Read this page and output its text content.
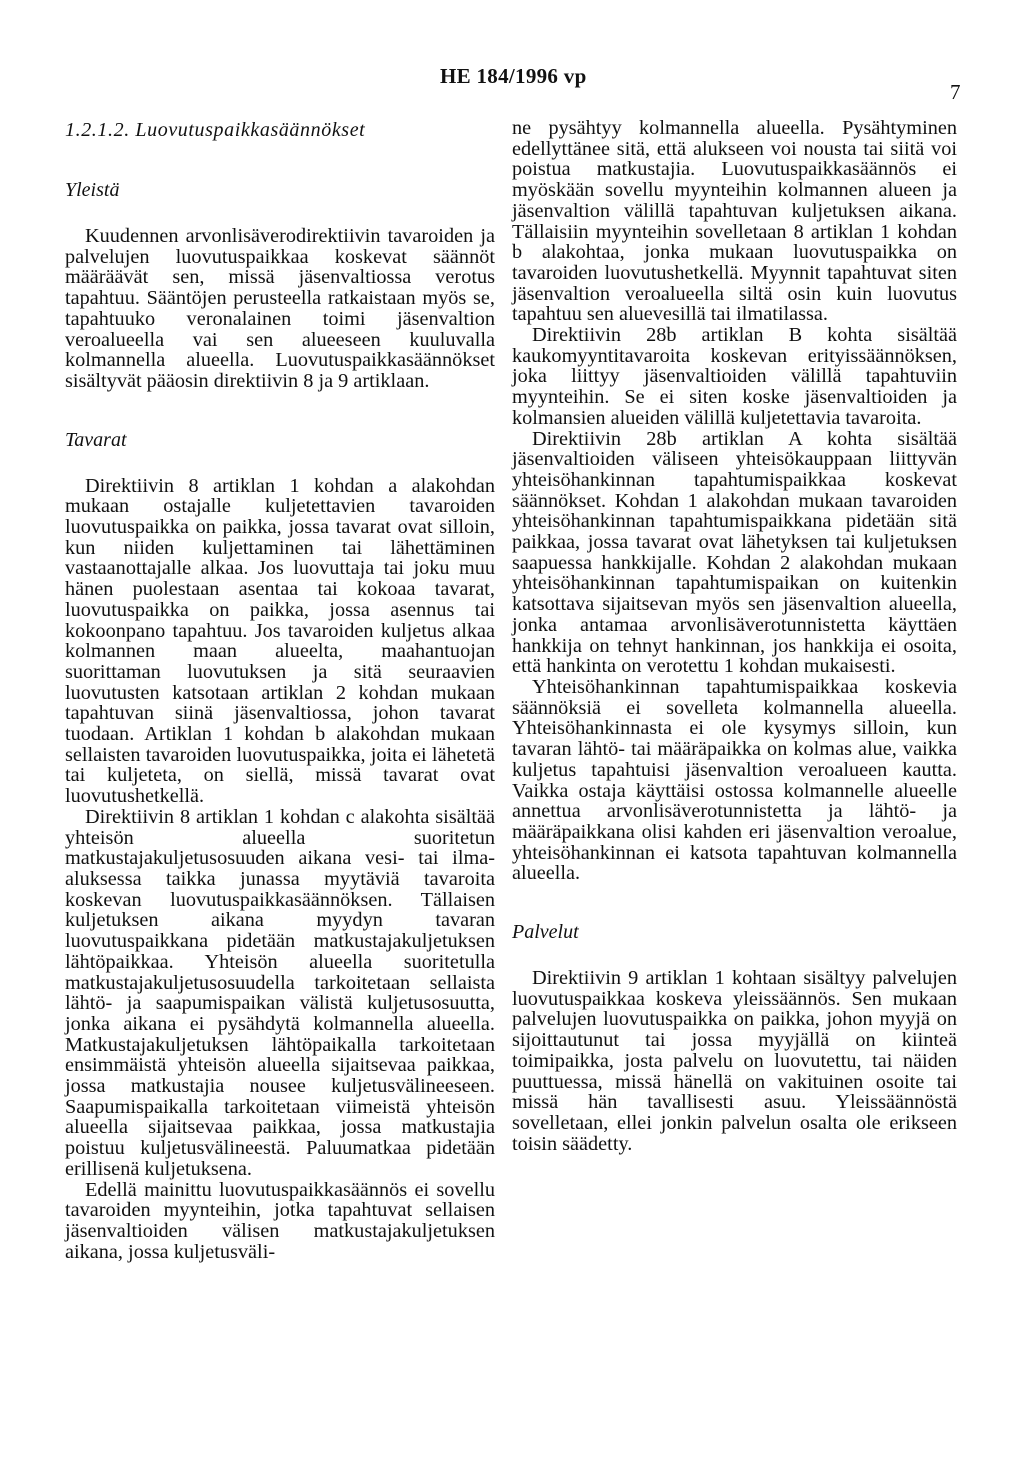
HE 184/1996 vp
7

1.2.1.2. Luovutuspaikkasäännökset

Yleistä

Kuudennen arvonlisäverodirektiivin tavaroiden ja palvelujen luovutuspaikkaa koskevat säännöt määräävät sen, missä jäsenvaltiossa verotus tapahtuu. Sääntöjen perusteella ratkaistaan myös se, tapahtuuko veronalainen toimi jäsenvaltion veroalueella vai sen alueeseen kuuluvalla kolmannella alueella. Luovutuspaikkasäännökset sisältyvät pääosin direktiivin 8 ja 9 artiklaan.

Tavarat

Direktiivin 8 artiklan 1 kohdan a alakohdan mukaan ostajalle kuljetettavien tavaroiden luovutuspaikka on paikka, jossa tavarat ovat silloin, kun niiden kuljettaminen tai lähettäminen vastaanottajalle alkaa. Jos luovuttaja tai joku muu hänen puolestaan asentaa tai kokoaa tavarat, luovutuspaikka on paikka, jossa asennus tai kokoonpano tapahtuu. Jos tavaroiden kuljetus alkaa kolmannen maan alueelta, maahantuojan suorittaman luovutuksen ja sitä seuraavien luovutusten katsotaan artiklan 2 kohdan mukaan tapahtuvan siinä jäsenvaltiossa, johon tavarat tuodaan. Artiklan 1 kohdan b alakohdan mukaan sellaisten tavaroiden luovutuspaikka, joita ei lähetetä tai kuljeteta, on siellä, missä tavarat ovat luovutushetkellä.

Direktiivin 8 artiklan 1 kohdan c alakohta sisältää yhteisön alueella suoritetun matkustajakuljetusosuuden aikana vesi- tai ilma-aluksessa taikka junassa myytäviä tavaroita koskevan luovutuspaikkasäännöksen. Tällaisen kuljetuksen aikana myydyn tavaran luovutuspaikkana pidetään matkustajakuljetuksen lähtöpaikkaa. Yhteisön alueella suoritetulla matkustajakuljetusosuudella tarkoitetaan sellaista lähtö- ja saapumispaikan välistä kuljetusosuutta, jonka aikana ei pysähdytä kolmannella alueella. Matkustajakuljetuksen lähtöpaikalla tarkoitetaan ensimmäistä yhteisön alueella sijaitsevaa paikkaa, jossa matkustajia nousee kuljetusvälineeseen. Saapumispaikalla tarkoitetaan viimeistä yhteisön alueella sijaitsevaa paikkaa, jossa matkustajia poistuu kuljetusvälineestä. Paluumatkaa pidetään erillisenä kuljetuksena.

Edellä mainittu luovutuspaikkasäännös ei sovellu tavaroiden myynteihin, jotka tapahtuvat sellaisen jäsenvaltioiden välisen matkustajakuljetuksen aikana, jossa kuljetusväli-

ne pysähtyy kolmannella alueella. Pysähtyminen edellyttänee sitä, että alukseen voi nousta tai siitä voi poistua matkustajia. Luovutuspaikkasäännös ei myöskään sovellu myynteihin kolmannen alueen ja jäsenvaltion välillä tapahtuvan kuljetuksen aikana. Tällaisiin myynteihin sovelletaan 8 artiklan 1 kohdan b alakohtaa, jonka mukaan luovutuspaikka on tavaroiden luovutushetkellä. Myynnit tapahtuvat siten jäsenvaltion veroalueella siltä osin kuin luovutus tapahtuu sen aluevesillä tai ilmatilassa.

Direktiivin 28b artiklan B kohta sisältää kaukomyyntitavaroita koskevan erityissäännöksen, joka liittyy jäsenvaltioiden välillä tapahtuviin myynteihin. Se ei siten koske jäsenvaltioiden ja kolmansien alueiden välillä kuljetettavia tavaroita.

Direktiivin 28b artiklan A kohta sisältää jäsenvaltioiden väliseen yhteisökauppaan liittyvän yhteisöhankinnan tapahtumispaikkaa koskevat säännökset. Kohdan 1 alakohdan mukaan tavaroiden yhteisöhankinnan tapahtumispaikkana pidetään sitä paikkaa, jossa tavarat ovat lähetyksen tai kuljetuksen saapuessa hankkijalle. Kohdan 2 alakohdan mukaan yhteisöhankinnan tapahtumispaikan on kuitenkin katsottava sijaitsevan myös sen jäsenvaltion alueella, jonka antamaa arvonlisäverotunnistetta käyttäen hankkija on tehnyt hankinnan, jos hankkija ei osoita, että hankinta on verotettu 1 kohdan mukaisesti.

Yhteisöhankinnan tapahtumispaikkaa koskevia säännöksiä ei sovelleta kolmannella alueella. Yhteisöhankinnasta ei ole kysymys silloin, kun tavaran lähtö- tai määräpaikka on kolmas alue, vaikka kuljetus tapahtuisi jäsenvaltion veroalueen kautta. Vaikka ostaja käyttäisi ostossa kolmannelle alueelle annettua arvonlisäverotunnistetta ja lähtö- ja määräpaikkana olisi kahden eri jäsenvaltion veroalue, yhteisöhankinnan ei katsota tapahtuvan kolmannella alueella.

Palvelut

Direktiivin 9 artiklan 1 kohtaan sisältyy palvelujen luovutuspaikkaa koskeva yleissäännös. Sen mukaan palvelujen luovutuspaikka on paikka, johon myyjä on sijoittautunut tai jossa myyjällä on kiinteä toimipaikka, josta palvelu on luovutettu, tai näiden puuttuessa, missä hänellä on vakituinen osoite tai missä hän tavallisesti asuu. Yleissäännöstä sovelletaan, ellei jonkin palvelun osalta ole erikseen toisin säädetty.
